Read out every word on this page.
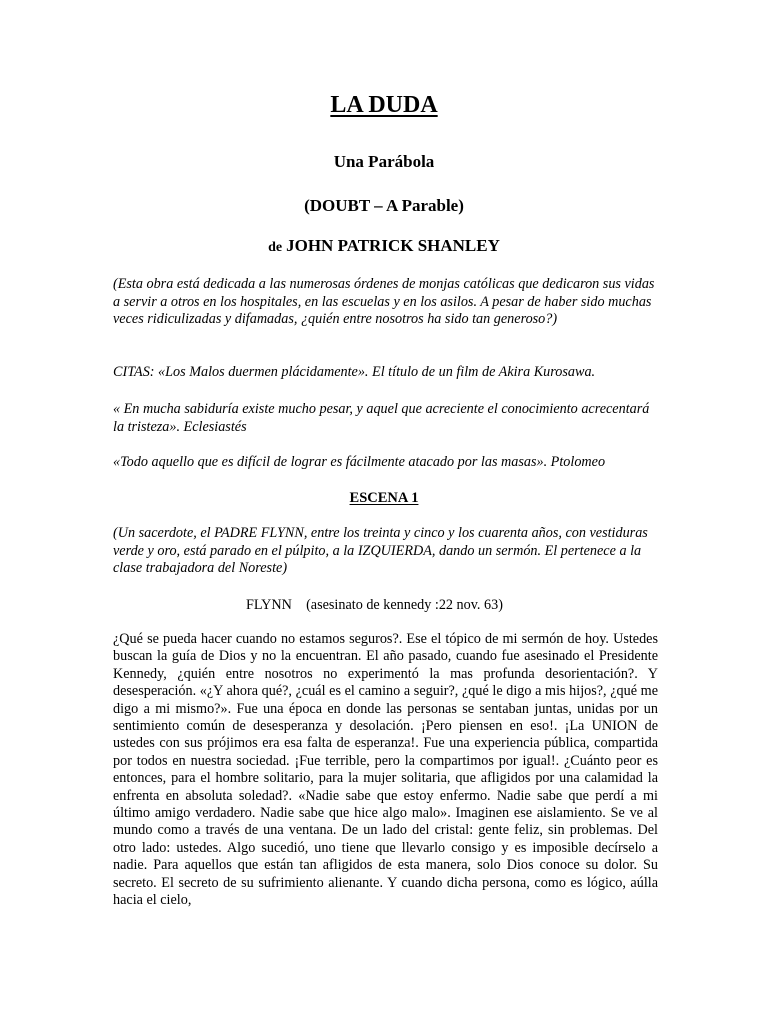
LA DUDA

Una Parábola

(DOUBT – A Parable)

de JOHN PATRICK SHANLEY

(Esta obra está dedicada a las numerosas órdenes de monjas católicas que dedicaron sus vidas a servir a otros en los hospitales, en las escuelas y en los asilos. A pesar de haber sido muchas veces ridiculizadas y difamadas, ¿quién entre nosotros ha sido tan generoso?)

CITAS: «Los Malos duermen plácidamente». El título de un film de Akira Kurosawa.

« En mucha sabiduría existe mucho pesar, y aquel que acreciente el conocimiento acrecentará la tristeza». Eclesiastés

«Todo aquello que es difícil de lograr es fácilmente atacado por las masas». Ptolomeo

ESCENA 1

(Un sacerdote, el PADRE FLYNN, entre los treinta y cinco y los cuarenta años, con vestiduras verde y oro, está parado en el púlpito, a la IZQUIERDA, dando un sermón. El pertenece a la clase trabajadora del Noreste)

FLYNN (asesinato de kennedy :22 nov. 63)

¿Qué se pueda hacer cuando no estamos seguros?. Ese el tópico de mi sermón de hoy. Ustedes buscan la guía de Dios y no la encuentran. El año pasado, cuando fue asesinado el Presidente Kennedy, ¿quién entre nosotros no experimentó la mas profunda desorientación?. Y desesperación. «¿Y ahora qué?, ¿cuál es el camino a seguir?, ¿qué le digo a mis hijos?, ¿qué me digo a mi mismo?». Fue una época en donde las personas se sentaban juntas, unidas por un sentimiento común de desesperanza y desolación. ¡Pero piensen en eso!. ¡La UNION de ustedes con sus prójimos era esa falta de esperanza!. Fue una experiencia pública, compartida por todos en nuestra sociedad. ¡Fue terrible, pero la compartimos por igual!. ¿Cuánto peor es entonces, para el hombre solitario, para la mujer solitaria, que afligidos por una calamidad la enfrenta en absoluta soledad?. «Nadie sabe que estoy enfermo. Nadie sabe que perdí a mi último amigo verdadero. Nadie sabe que hice algo malo». Imaginen ese aislamiento. Se ve al mundo como a través de una ventana. De un lado del cristal: gente feliz, sin problemas. Del otro lado: ustedes. Algo sucedió, uno tiene que llevarlo consigo y es imposible decírselo a nadie. Para aquellos que están tan afligidos de esta manera, solo Dios conoce su dolor. Su secreto. El secreto de su sufrimiento alienante. Y cuando dicha persona, como es lógico, aúlla hacia el cielo,
